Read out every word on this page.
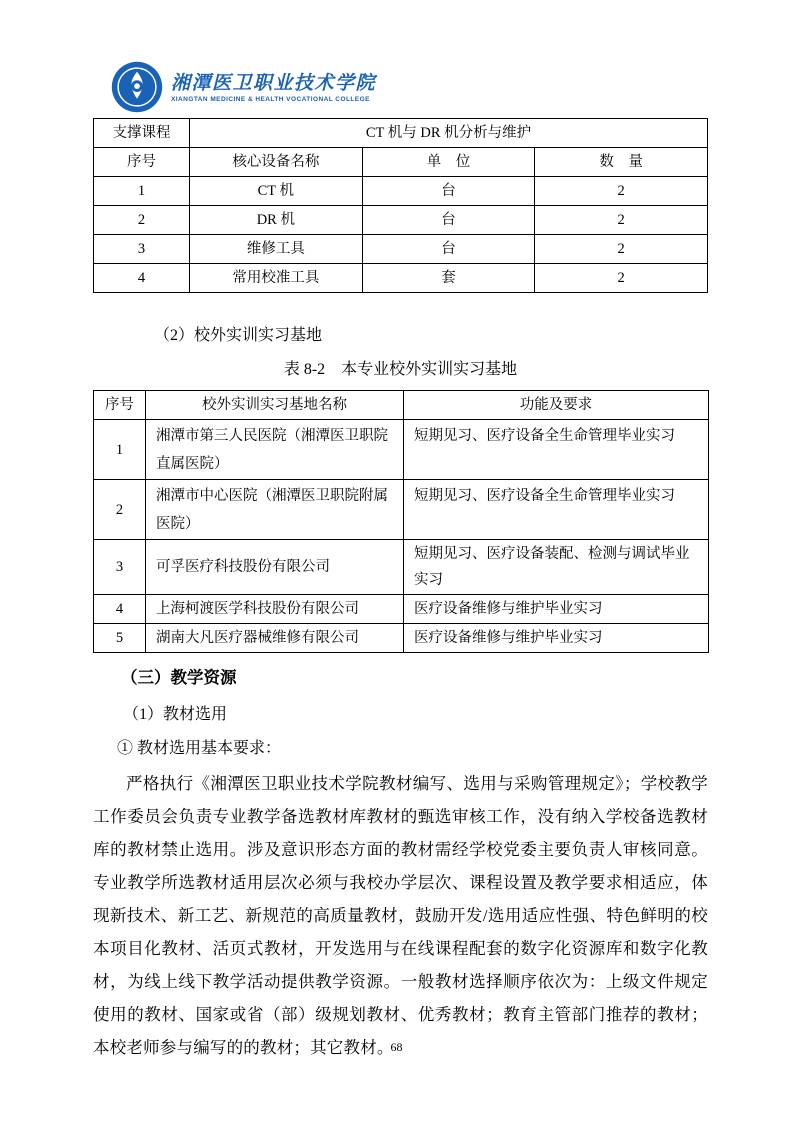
湘潭医卫职业技术学院
XIANGTAN MEDICINE & HEALTH VOCATIONAL COLLEGE
支撑课程	CT 机与 DR 机分析与维护		
序号	核心设备名称	单　位	数　量
1	CT 机	台	2
2	DR 机	台	2
3	维修工具	台	2
4	常用校准工具	套	2
（2）校外实训实习基地
表 8-2　本专业校外实训实习基地
序号	校外实训实习基地名称	功能及要求
1	湘潭市第三人民医院（湘潭医卫职院直属医院）	短期见习、医疗设备全生命管理毕业实习
2	湘潭市中心医院（湘潭医卫职院附属医院）	短期见习、医疗设备全生命管理毕业实习
3	可孚医疗科技股份有限公司	短期见习、医疗设备装配、检测与调试毕业实习
4	上海柯渡医学科技股份有限公司	医疗设备维修与维护毕业实习
5	湖南大凡医疗器械维修有限公司	医疗设备维修与维护毕业实习
（三）教学资源
（1）教材选用
① 教材选用基本要求：
严格执行《湘潭医卫职业技术学院教材编写、选用与采购管理规定》；学校教学工作委员会负责专业教学备选教材库教材的甄选审核工作，没有纳入学校备选教材库的教材禁止选用。涉及意识形态方面的教材需经学校党委主要负责人审核同意。专业教学所选教材适用层次必须与我校办学层次、课程设置及教学要求相适应，体现新技术、新工艺、新规范的高质量教材，鼓励开发/选用适应性强、特色鲜明的校本项目化教材、活页式教材，开发选用与在线课程配套的数字化资源库和数字化教材，为线上线下教学活动提供教学资源。一般教材选择顺序依次为：上级文件规定使用的教材、国家或省（部）级规划教材、优秀教材；教育主管部门推荐的教材；本校老师参与编写的的教材；其它教材。
68
